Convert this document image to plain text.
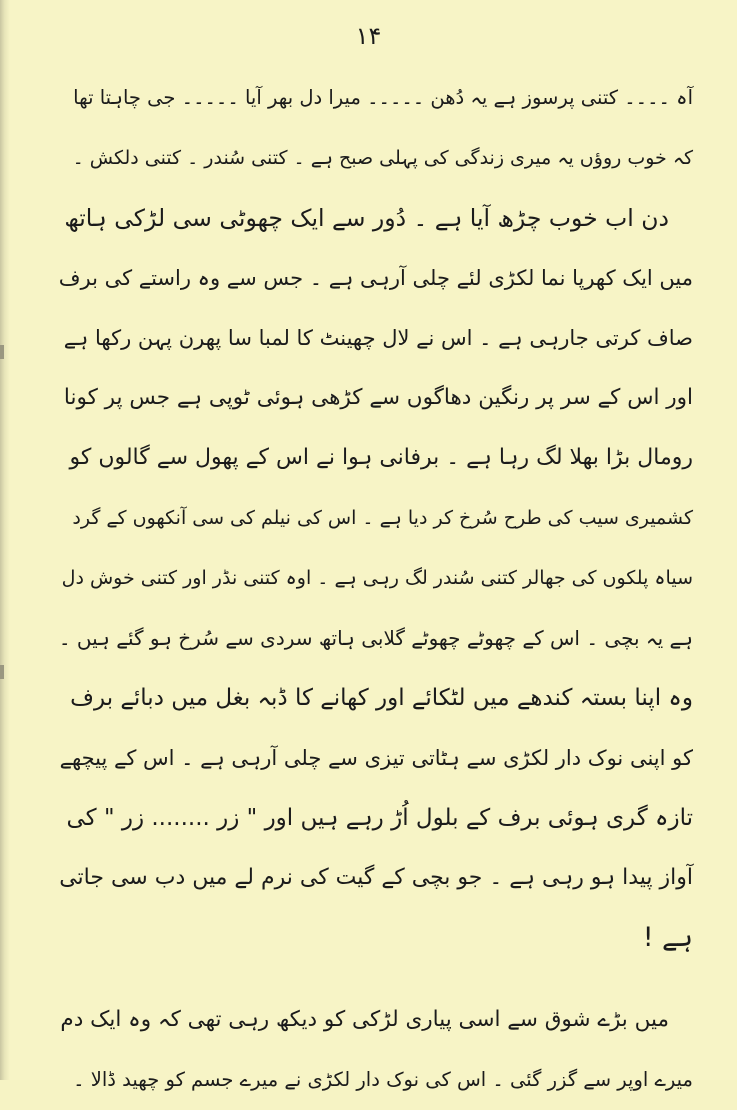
۱۴
آہ ۔۔۔۔ کتنی پرسوز ہے یہ دُھن ۔۔۔۔۔ میرا دل بھر آیا ۔۔۔۔۔ جی چاہتا تھا
کہ خوب روؤں یہ میری زندگی کی پہلی صبح ہے ۔ کتنی سُندر ۔ کتنی دلکش ۔
دن اب خوب چڑھ آیا ہے ۔ دُور سے ایک چھوٹی سی لڑکی ہاتھ
میں ایک کھرپا نما لکڑی لئے چلی آرہی ہے ۔ جس سے وہ راستے کی برف
صاف کرتی جارہی ہے ۔ اس نے لال چھینٹ کا لمبا سا پھرن پہن رکھا ہے
اور اس کے سر پر رنگین دھاگوں سے کڑھی ہوئی ٹوپی ہے جس پر کونا
رومال بڑا بھلا لگ رہا ہے ۔ برفانی ہوا نے اس کے پھول سے گالوں کو
کشمیری سیب کی طرح سُرخ کر دیا ہے ۔ اس کی نیلم کی سی آنکھوں کے گرد
سیاہ پلکوں کی جھالر کتنی سُندر لگ رہی ہے ۔ اوہ کتنی نڈر اور کتنی خوش دل
ہے یہ بچی ۔ اس کے چھوٹے چھوٹے گلابی ہاتھ سردی سے سُرخ ہو گئے ہیں ۔
وہ اپنا بستہ کندھے میں لٹکائے اور کھانے کا ڈبہ بغل میں دبائے برف
کو اپنی نوک دار لکڑی سے ہٹاتی تیزی سے چلی آرہی ہے ۔ اس کے پیچھے
تازہ گری ہوئی برف کے بلول اُڑ رہے ہیں اور " زر ........ زر " کی
آواز پیدا ہو رہی ہے ۔ جو بچی کے گیت کی نرم لے میں دب سی جاتی
ہے !
میں بڑے شوق سے اسی پیاری لڑکی کو دیکھ رہی تھی کہ وہ ایک دم
میرے اوپر سے گزر گئی ۔ اس کی نوک دار لکڑی نے میرے جسم کو چھید ڈالا ۔
